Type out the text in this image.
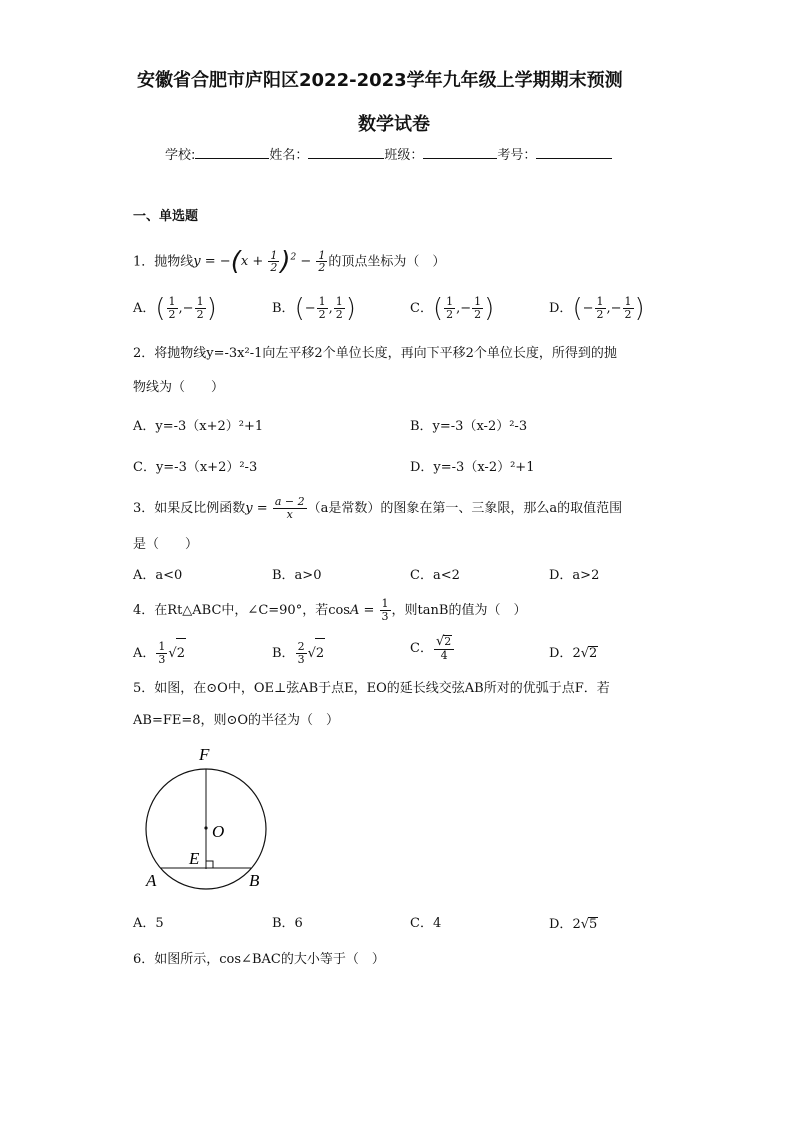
安徽省合肥市庐阳区2022-2023学年九年级上学期期末预测
数学试卷
学校:	姓名：	班级：	考号：
一、单选题
1．抛物线$y = -(x + \frac{1}{2} )^2 - \frac{1}{2}$ 的顶点坐标为（　）
A．( $\frac{1}{2}$ ,− $\frac{1}{2}$ )	B．(− $\frac{1}{2}$ , $\frac{1}{2}$ )	C．( $\frac{1}{2}$ ,− $\frac{1}{2}$ )	D．(− $\frac{1}{2}$ ,− $\frac{1}{2}$ )
2．将抛物线y=-3x²-1向左平移2个单位长度，再向下平移2个单位长度，所得到的抛
物线为（　　）
A．y=-3（x+2）²+1	B．y=-3（x-2）²-3
C．y=-3（x+2）²-3	D．y=-3（x-2）²+1
3．如果反比例函数$y = \frac{a - 2}{x} (a$是常数）的图象在第一、三象限，那么a的取值范围
是（　　）
A．a<0	B．a>0	C．a<2	D．a>2
4．在Rt△ABC中，∠C=90°，若$\cos A = \frac{1}{3}$ ，则tanB的值为（　）
A． $\frac{1}{3} √2$	B． $\frac{2}{3} √2$	C． $\frac{√2}{4}$	D．2√2
5．如图，在⊙O中，OE⊥弦AB于点E，EO的延长线交弦AB所对的优弧于点F．若
AB=FE=8，则⊙O的半径为（　）
F
O
E
A	B
A．5	B．6	C．4	D．2√5
6．如图所示，cos∠BAC的大小等于（　）
